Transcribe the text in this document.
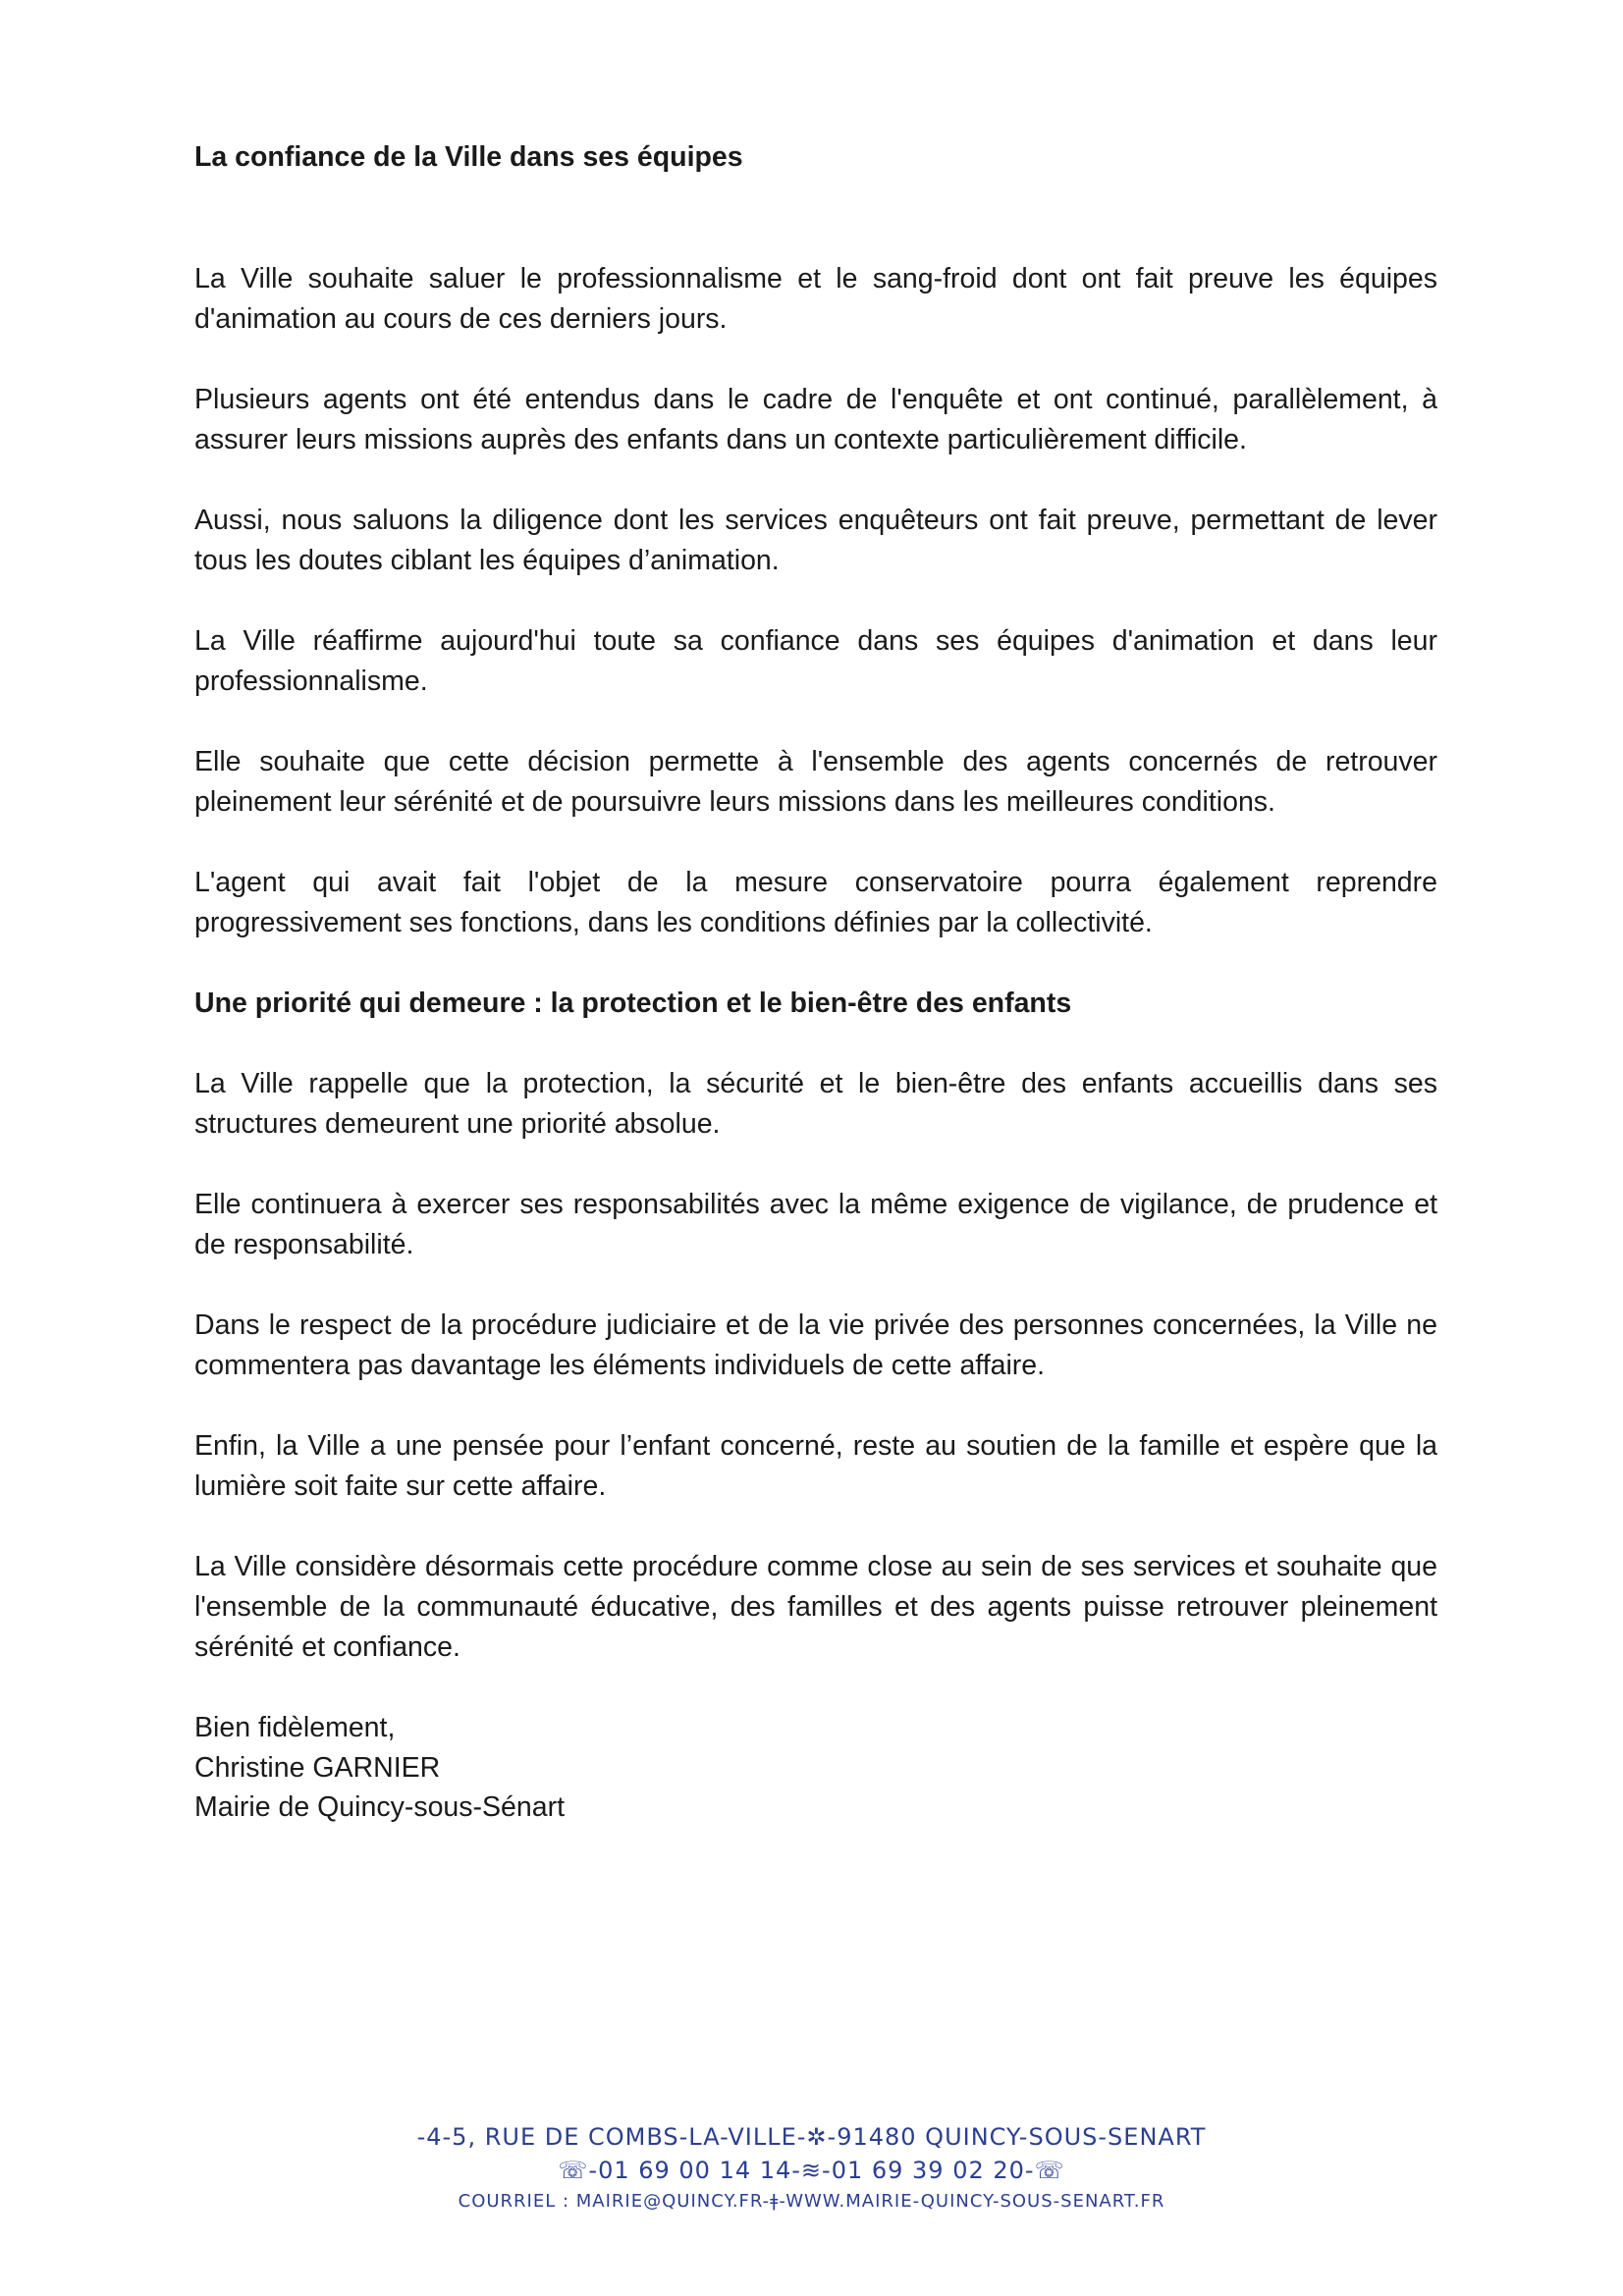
La confiance de la Ville dans ses équipes

La Ville souhaite saluer le professionnalisme et le sang-froid dont ont fait preuve les équipes d'animation au cours de ces derniers jours.

Plusieurs agents ont été entendus dans le cadre de l'enquête et ont continué, parallèlement, à assurer leurs missions auprès des enfants dans un contexte particulièrement difficile.

Aussi, nous saluons la diligence dont les services enquêteurs ont fait preuve, permettant de lever tous les doutes ciblant les équipes d’animation.

La Ville réaffirme aujourd'hui toute sa confiance dans ses équipes d'animation et dans leur professionnalisme.

Elle souhaite que cette décision permette à l'ensemble des agents concernés de retrouver pleinement leur sérénité et de poursuivre leurs missions dans les meilleures conditions.

L'agent qui avait fait l'objet de la mesure conservatoire pourra également reprendre progressivement ses fonctions, dans les conditions définies par la collectivité.

Une priorité qui demeure : la protection et le bien-être des enfants

La Ville rappelle que la protection, la sécurité et le bien-être des enfants accueillis dans ses structures demeurent une priorité absolue.

Elle continuera à exercer ses responsabilités avec la même exigence de vigilance, de prudence et de responsabilité.

Dans le respect de la procédure judiciaire et de la vie privée des personnes concernées, la Ville ne commentera pas davantage les éléments individuels de cette affaire.

Enfin, la Ville a une pensée pour l’enfant concerné, reste au soutien de la famille et espère que la lumière soit faite sur cette affaire.

La Ville considère désormais cette procédure comme close au sein de ses services et souhaite que l'ensemble de la communauté éducative, des familles et des agents puisse retrouver pleinement sérénité et confiance.

Bien fidèlement,

Christine GARNIER

Mairie de Quincy-sous-Sénart

-4-5, RUE DE COMBS-LA-VILLE-✲-91480 QUINCY-SOUS-SENART

☏-01 69 00 14 14-≋-01 69 39 02 20-☏

COURRIEL : MAIRIE@QUINCY.FR-ǂ-WWW.MAIRIE-QUINCY-SOUS-SENART.FR
